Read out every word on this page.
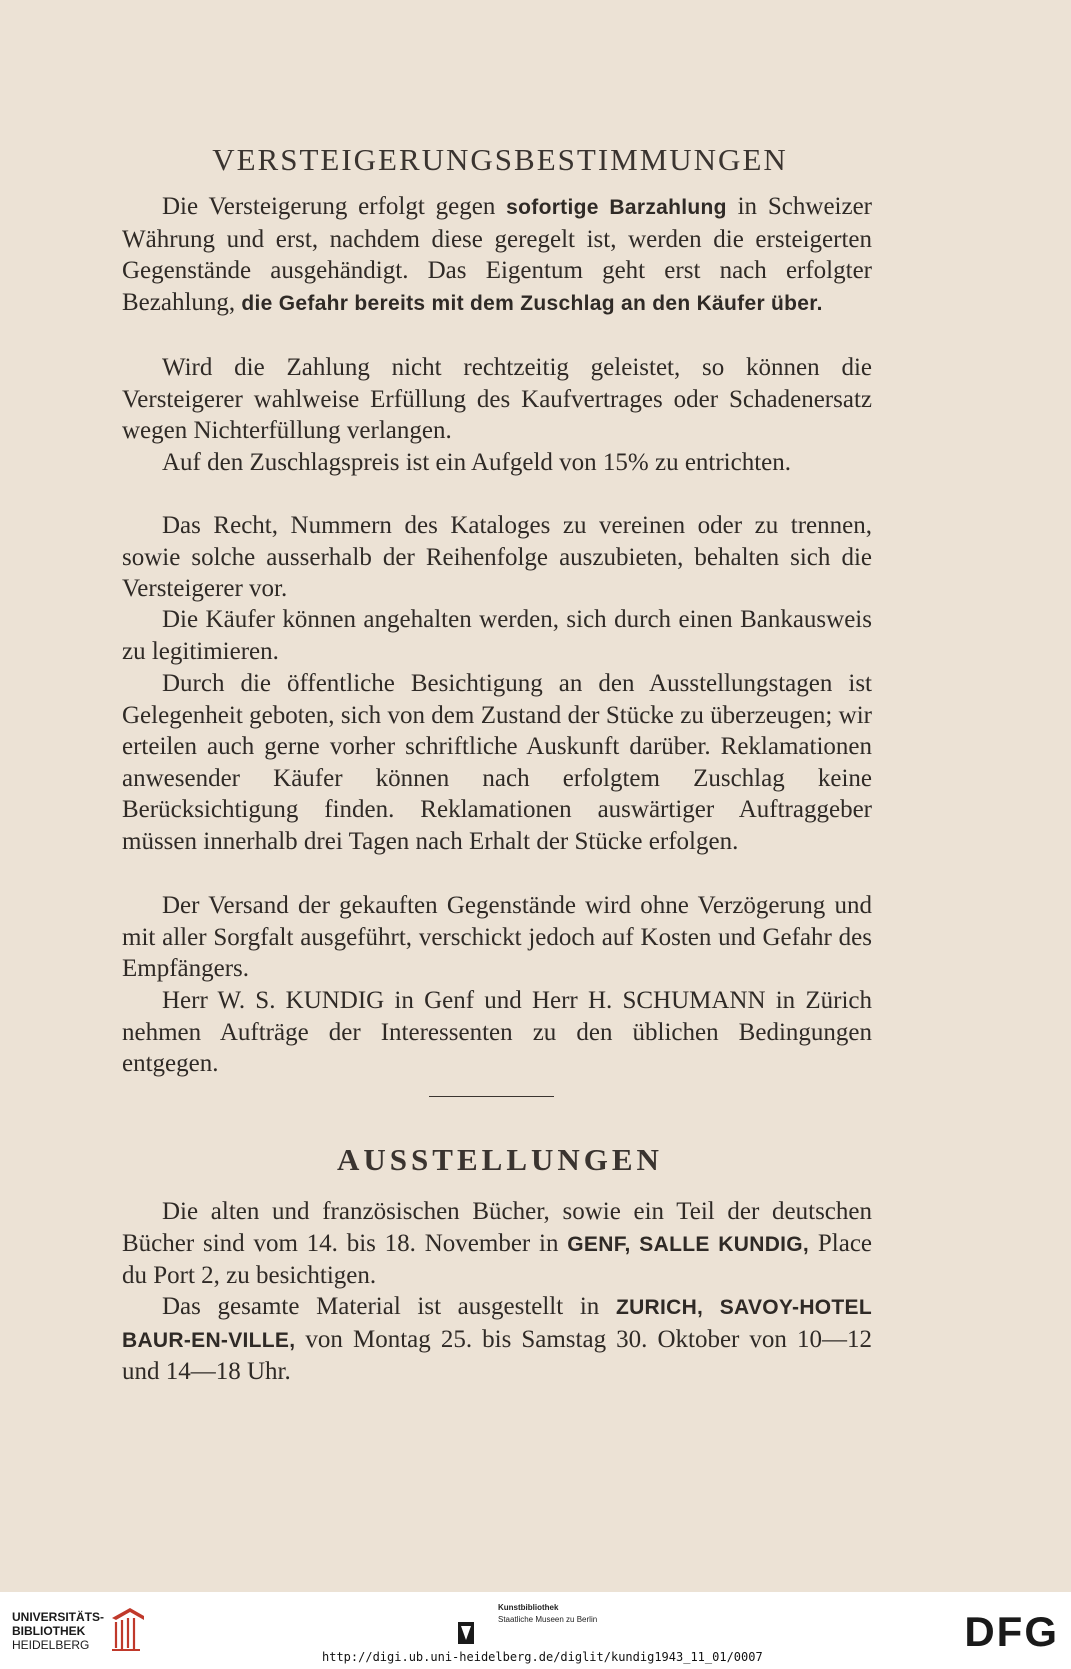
VERSTEIGERUNGSBESTIMMUNGEN
Die Versteigerung erfolgt gegen sofortige Barzahlung in Schweizer Währung und erst, nachdem diese geregelt ist, werden die ersteigerten Gegenstände ausgehändigt. Das Eigentum geht erst nach erfolgter Bezahlung, die Gefahr bereits mit dem Zuschlag an den Käufer über.
Wird die Zahlung nicht rechtzeitig geleistet, so können die Versteigerer wahlweise Erfüllung des Kaufvertrages oder Schadenersatz wegen Nichterfüllung verlangen.
Auf den Zuschlagspreis ist ein Aufgeld von 15% zu entrichten.
Das Recht, Nummern des Kataloges zu vereinen oder zu trennen, sowie solche ausserhalb der Reihenfolge auszubieten, behalten sich die Versteigerer vor.
Die Käufer können angehalten werden, sich durch einen Bankausweis zu legitimieren.
Durch die öffentliche Besichtigung an den Ausstellungstagen ist Gelegenheit geboten, sich von dem Zustand der Stücke zu überzeugen; wir erteilen auch gerne vorher schriftliche Auskunft darüber. Reklamationen anwesender Käufer können nach erfolgtem Zuschlag keine Berücksichtigung finden. Reklamationen auswärtiger Auftraggeber müssen innerhalb drei Tagen nach Erhalt der Stücke erfolgen.
Der Versand der gekauften Gegenstände wird ohne Verzögerung und mit aller Sorgfalt ausgeführt, verschickt jedoch auf Kosten und Gefahr des Empfängers.
Herr W. S. KUNDIG in Genf und Herr H. SCHUMANN in Zürich nehmen Aufträge der Interessenten zu den üblichen Bedingungen entgegen.
AUSSTELLUNGEN
Die alten und französischen Bücher, sowie ein Teil der deutschen Bücher sind vom 14. bis 18. November in GENF, SALLE KUNDIG, Place du Port 2, zu besichtigen.
Das gesamte Material ist ausgestellt in ZURICH, SAVOY-HOTEL BAUR-EN-VILLE, von Montag 25. bis Samstag 30. Oktober von 10—12 und 14—18 Uhr.
UNIVERSITÄTS-
BIBLIOTHEK
HEIDELBERG
Kunstbibliothek
Staatliche Museen zu Berlin	DFG
http://digi.ub.uni-heidelberg.de/diglit/kundig1943_11_01/0007
